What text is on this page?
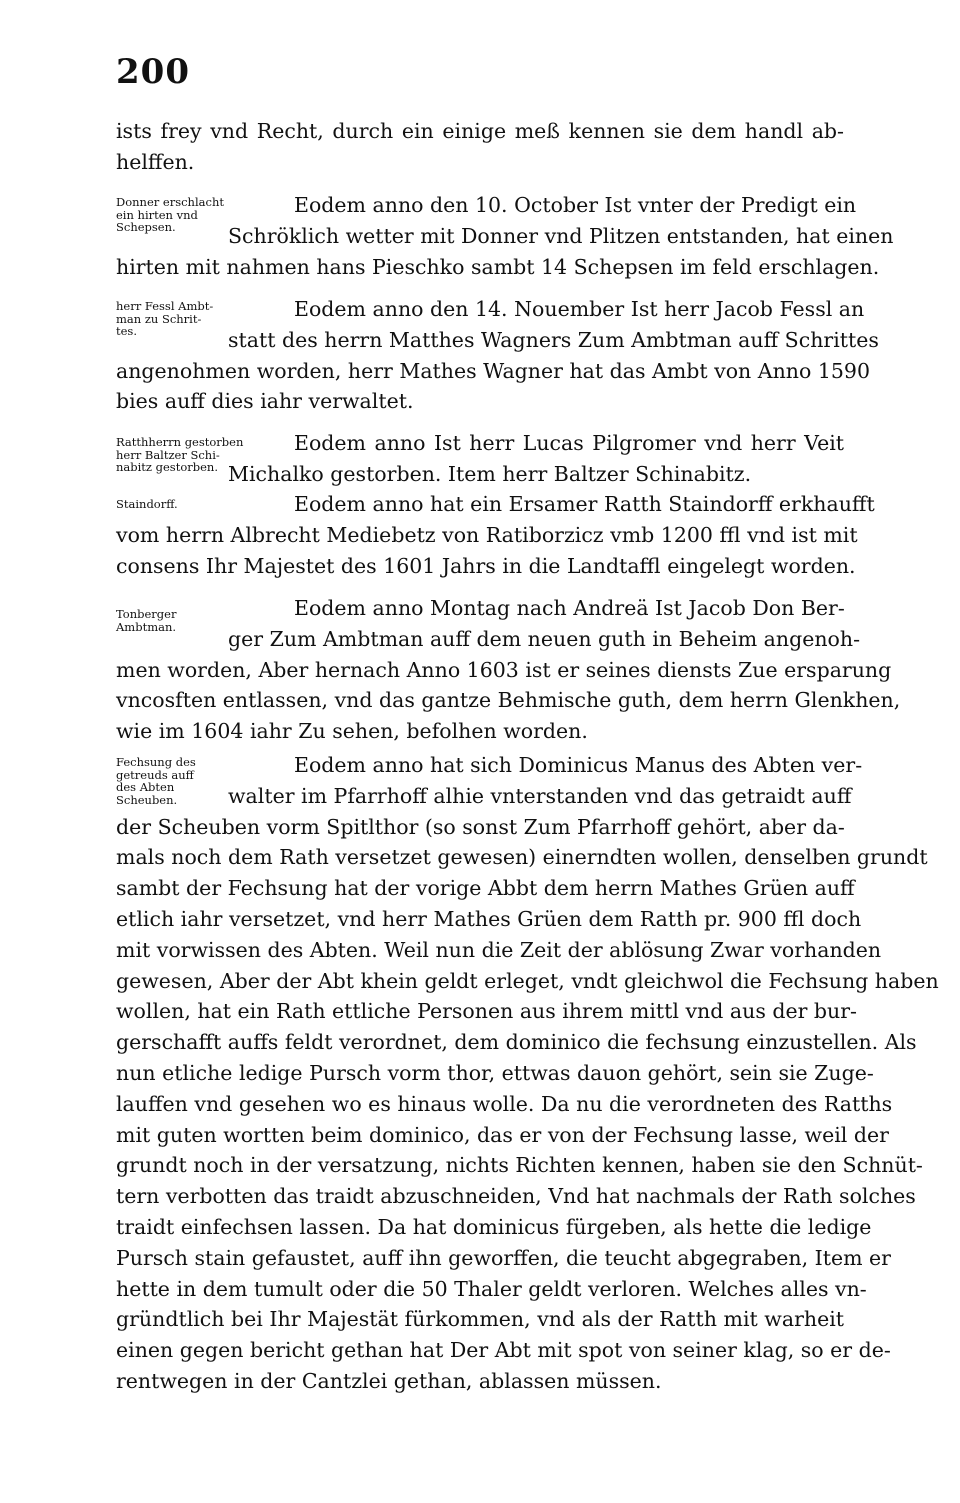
200
ists frey vnd Recht, durch ein einige meß kennen sie dem handl ab-
helffen.
Donner erschlacht
ein hirten vnd
Schepsen.
Eodem anno den 10. October Ist vnter der Predigt ein
Schröklich wetter mit Donner vnd Plitzen entstanden, hat einen
hirten mit nahmen hans Pieschko sambt 14 Schepsen im feld erschlagen.
herr Fessl Ambt-
man zu Schrit-
tes.
Eodem anno den 14. Nouember Ist herr Jacob Fessl an
statt des herrn Matthes Wagners Zum Ambtman auff Schrittes
angenohmen worden, herr Mathes Wagner hat das Ambt von Anno 1590
bies auff dies iahr verwaltet.
Ratthherrn gestorben
herr Baltzer Schi-
nabitz gestorben.
Eodem anno Ist herr Lucas Pilgromer vnd herr Veit
Michalko gestorben. Item herr Baltzer Schinabitz.
Staindorff.	Eodem anno hat ein Ersamer Ratth Staindorff erkhaufft
vom herrn Albrecht Mediebetz von Ratiborzicz vmb 1200 ffl vnd ist mit
consens Ihr Majestet des 1601 Jahrs in die Landtaffl eingelegt worden.
Tonberger
Ambtman.
Eodem anno Montag nach Andreä Ist Jacob Don Ber-
ger Zum Ambtman auff dem neuen guth in Beheim angenoh-
men worden, Aber hernach Anno 1603 ist er seines diensts Zue ersparung
vncosften entlassen, vnd das gantze Behmische guth, dem herrn Glenkhen,
wie im 1604 iahr Zu sehen, befolhen worden.
Fechsung des
getreuds auff
des Abten
Scheuben.
Eodem anno hat sich Dominicus Manus des Abten ver-
walter im Pfarrhoff alhie vnterstanden vnd das getraidt auff
der Scheuben vorm Spitlthor (so sonst Zum Pfarrhoff gehört, aber da-
mals noch dem Rath versetzet gewesen) einerndten wollen, denselben grundt
sambt der Fechsung hat der vorige Abbt dem herrn Mathes Grüen auff
etlich iahr versetzet, vnd herr Mathes Grüen dem Ratth pr. 900 ffl doch
mit vorwissen des Abten. Weil nun die Zeit der ablösung Zwar vorhanden
gewesen, Aber der Abt khein geldt erleget, vndt gleichwol die Fechsung haben
wollen, hat ein Rath ettliche Personen aus ihrem mittl vnd aus der bur-
gerschafft auffs feldt verordnet, dem dominico die fechsung einzustellen. Als
nun etliche ledige Pursch vorm thor, ettwas dauon gehört, sein sie Zuge-
lauffen vnd gesehen wo es hinaus wolle. Da nu die verordneten des Ratths
mit guten wortten beim dominico, das er von der Fechsung lasse, weil der
grundt noch in der versatzung, nichts Richten kennen, haben sie den Schnüt-
tern verbotten das traidt abzuschneiden, Vnd hat nachmals der Rath solches
traidt einfechsen lassen. Da hat dominicus fürgeben, als hette die ledige
Pursch stain gefaustet, auff ihn geworffen, die teucht abgegraben, Item er
hette in dem tumult oder die 50 Thaler geldt verloren. Welches alles vn-
gründtlich bei Ihr Majestät fürkommen, vnd als der Ratth mit warheit
einen gegen bericht gethan hat Der Abt mit spot von seiner klag, so er de-
rentwegen in der Cantzlei gethan, ablassen müssen.
